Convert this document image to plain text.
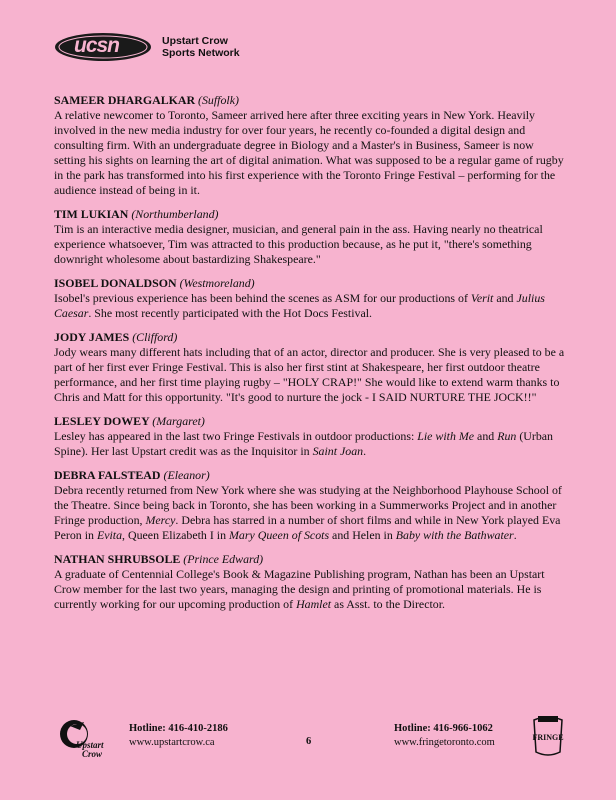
ucsn	Upstart Crow
Sports Network
SAMEER DHARGALKAR (Suffolk)

A relative newcomer to Toronto, Sameer arrived here after three exciting years in New York. Heavily involved in the new media industry for over four years, he recently co-founded a digital design and consulting firm. With an undergraduate degree in Biology and a Master's in Business, Sameer is now setting his sights on learning the art of digital animation. What was supposed to be a regular game of rugby in the park has transformed into his first experience with the Toronto Fringe Festival – performing for the audience instead of being in it.

TIM LUKIAN (Northumberland)

Tim is an interactive media designer, musician, and general pain in the ass. Having nearly no theatrical experience whatsoever, Tim was attracted to this production because, as he put it, "there's something downright wholesome about bastardizing Shakespeare."

ISOBEL DONALDSON (Westmoreland)

Isobel's previous experience has been behind the scenes as ASM for our productions of Verit and Julius Caesar. She most recently participated with the Hot Docs Festival.

JODY JAMES (Clifford)

Jody wears many different hats including that of an actor, director and producer. She is very pleased to be a part of her first ever Fringe Festival. This is also her first stint at Shakespeare, her first outdoor theatre performance, and her first time playing rugby – "HOLY CRAP!" She would like to extend warm thanks to Chris and Matt for this opportunity. "It's good to nurture the jock - I SAID NURTURE THE JOCK!!"

LESLEY DOWEY (Margaret)

Lesley has appeared in the last two Fringe Festivals in outdoor productions: Lie with Me and Run (Urban Spine). Her last Upstart credit was as the Inquisitor in Saint Joan.

DEBRA FALSTEAD (Eleanor)

Debra recently returned from New York where she was studying at the Neighborhood Playhouse School of the Theatre. Since being back in Toronto, she has been working in a Summerworks Project and in another Fringe production, Mercy. Debra has starred in a number of short films and while in New York played Eva Peron in Evita, Queen Elizabeth I in Mary Queen of Scots and Helen in Baby with the Bathwater.

NATHAN SHRUBSOLE (Prince Edward)

A graduate of Centennial College's Book & Magazine Publishing program, Nathan has been an Upstart Crow member for the last two years, managing the design and printing of promotional materials. He is currently working for our upcoming production of Hamlet as Asst. to the Director.

Upstart
Crow
Hotline: 416-410-2186
www.upstartcrow.ca	6
Hotline: 416-966-1062
www.fringetoronto.com	FRINGE
